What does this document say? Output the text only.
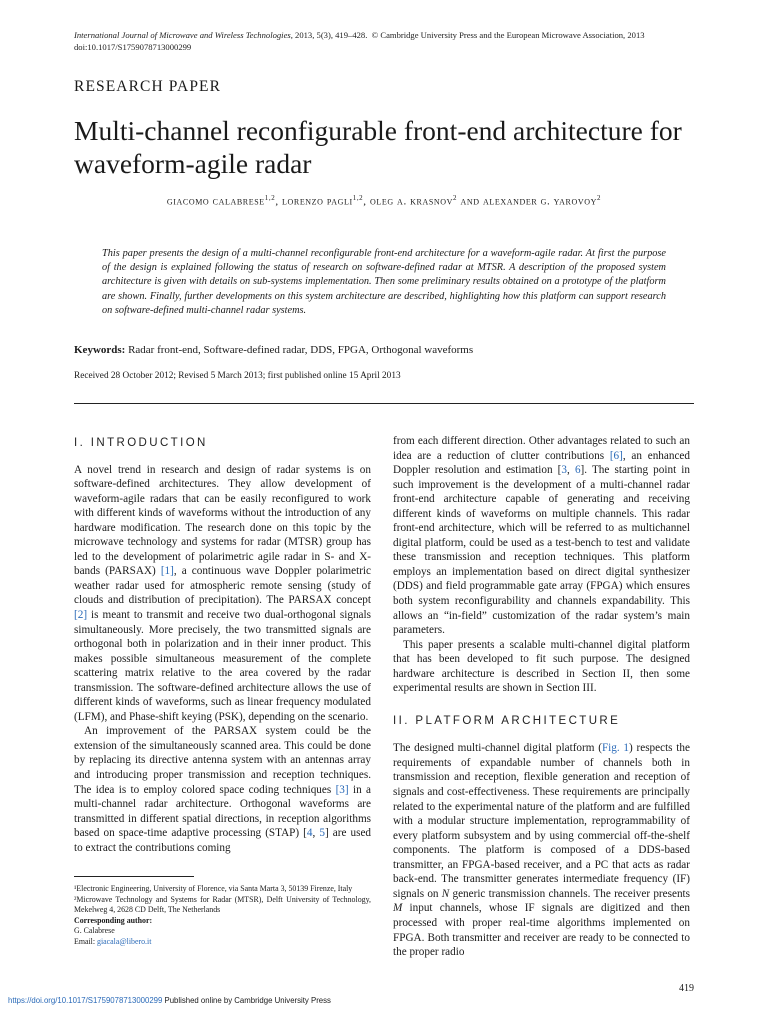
International Journal of Microwave and Wireless Technologies, 2013, 5(3), 419–428. © Cambridge University Press and the European Microwave Association, 2013
doi:10.1017/S1759078713000299
RESEARCH PAPER
Multi-channel reconfigurable front-end architecture for waveform-agile radar
giacomo calabrese$^{1,2}$, lorenzo pagli$^{1,2}$, oleg a. krasnov$^2$ and alexander g. yarovoy$^2$
This paper presents the design of a multi-channel reconfigurable front-end architecture for a waveform-agile radar. At first the purpose of the design is explained following the status of research on software-defined radar at MTSR. A description of the proposed system architecture is given with details on sub-systems implementation. Then some preliminary results obtained on a prototype of the platform are shown. Finally, further developments on this system architecture are described, highlighting how this platform can support research on software-defined multi-channel radar systems.
Keywords: Radar front-end, Software-defined radar, DDS, FPGA, Orthogonal waveforms
Received 28 October 2012; Revised 5 March 2013; first published online 15 April 2013
I. INTRODUCTION

A novel trend in research and design of radar systems is on software-defined architectures. They allow development of waveform-agile radars that can be easily reconfigured to work with different kinds of waveforms without the introduction of any hardware modification. The research done on this topic by the microwave technology and systems for radar (MTSR) group has led to the development of polarimetric agile radar in S- and X-bands (PARSAX) [1], a continuous wave Doppler polarimetric weather radar used for atmospheric remote sensing (study of clouds and distribution of precipitation). The PARSAX concept [2] is meant to transmit and receive two dual-orthogonal signals simultaneously. More precisely, the two transmitted signals are orthogonal both in polarization and in their inner product. This makes possible simultaneous measurement of the complete scattering matrix relative to the area covered by the radar transmission. The software-defined architecture allows the use of different kinds of waveforms, such as linear frequency modulated (LFM), and Phase-shift keying (PSK), depending on the scenario.

An improvement of the PARSAX system could be the extension of the simultaneously scanned area. This could be done by replacing its directive antenna system with an antennas array and introducing proper transmission and reception techniques. The idea is to employ colored space coding techniques [3] in a multi-channel radar architecture. Orthogonal waveforms are transmitted in different spatial directions, in reception algorithms based on space-time adaptive processing (STAP) [4, 5] are used to extract the contributions coming

¹Electronic Engineering, University of Florence, via Santa Marta 3, 50139 Firenze, Italy
²Microwave Technology and Systems for Radar (MTSR), Delft University of Technology, Mekelweg 4, 2628 CD Delft, The Netherlands
Corresponding author:
G. Calabrese
Email: giacala@libero.it

from each different direction. Other advantages related to such an idea are a reduction of clutter contributions [6], an enhanced Doppler resolution and estimation [3, 6]. The starting point in such improvement is the development of a multi-channel radar front-end architecture capable of generating and receiving different kinds of waveforms on multiple channels. This radar front-end architecture, which will be referred to as multichannel digital platform, could be used as a test-bench to test and validate these transmission and reception techniques. This platform employs an implementation based on direct digital synthesizer (DDS) and field programmable gate array (FPGA) which ensures both system reconfigurability and channels expandability. This allows an “in-field” customization of the radar system’s main parameters.

This paper presents a scalable multi-channel digital platform that has been developed to fit such purpose. The designed hardware architecture is described in Section II, then some experimental results are shown in Section III.

II. PLATFORM ARCHITECTURE

The designed multi-channel digital platform (Fig. 1) respects the requirements of expandable number of channels both in transmission and reception, flexible generation and reception of signals and cost-effectiveness. These requirements are principally related to the experimental nature of the platform and are fulfilled with a modular structure implementation, reprogrammability of every platform subsystem and by using commercial off-the-shelf components. The platform is composed of a DDS-based transmitter, an FPGA-based receiver, and a PC that acts as radar back-end. The transmitter generates intermediate frequency (IF) signals on N generic transmission channels. The receiver presents M input channels, whose IF signals are digitized and then processed with proper real-time algorithms implemented on FPGA. Both transmitter and receiver are ready to be connected to the proper radio

419
https://doi.org/10.1017/S1759078713000299 Published online by Cambridge University Press
